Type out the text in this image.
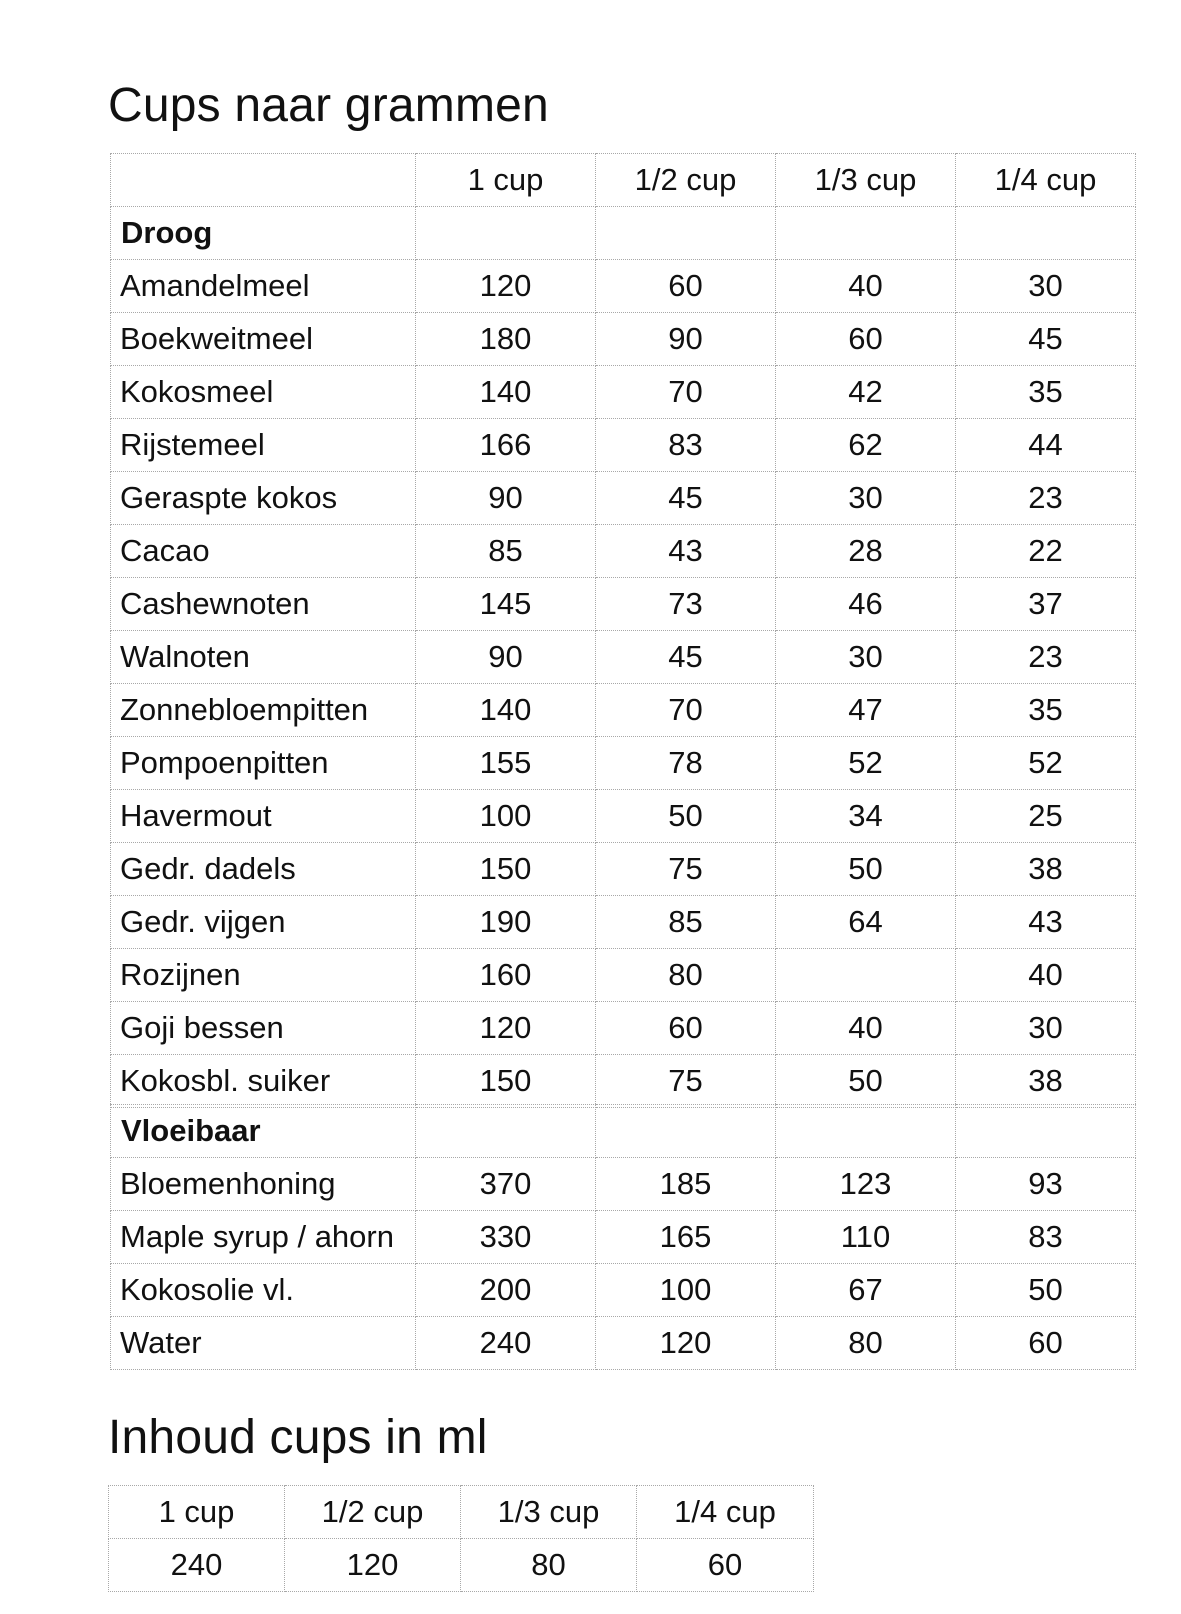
Cups naar grammen
	1 cup	1/2 cup	1/3 cup	1/4 cup
Droog				
Amandelmeel	120	60	40	30
Boekweitmeel	180	90	60	45
Kokosmeel	140	70	42	35
Rijstemeel	166	83	62	44
Geraspte kokos	90	45	30	23
Cacao	85	43	28	22
Cashewnoten	145	73	46	37
Walnoten	90	45	30	23
Zonnebloempitten	140	70	47	35
Pompoenpitten	155	78	52	52
Havermout	100	50	34	25
Gedr. dadels	150	75	50	38
Gedr. vijgen	190	85	64	43
Rozijnen	160	80		40
Goji bessen	120	60	40	30
Kokosbl. suiker	150	75	50	38
Vloeibaar				
Bloemenhoning	370	185	123	93
Maple syrup / ahorn	330	165	110	83
Kokosolie vl.	200	100	67	50
Water	240	120	80	60
Inhoud cups in ml
1 cup	1/2 cup	1/3 cup	1/4 cup
240	120	80	60
